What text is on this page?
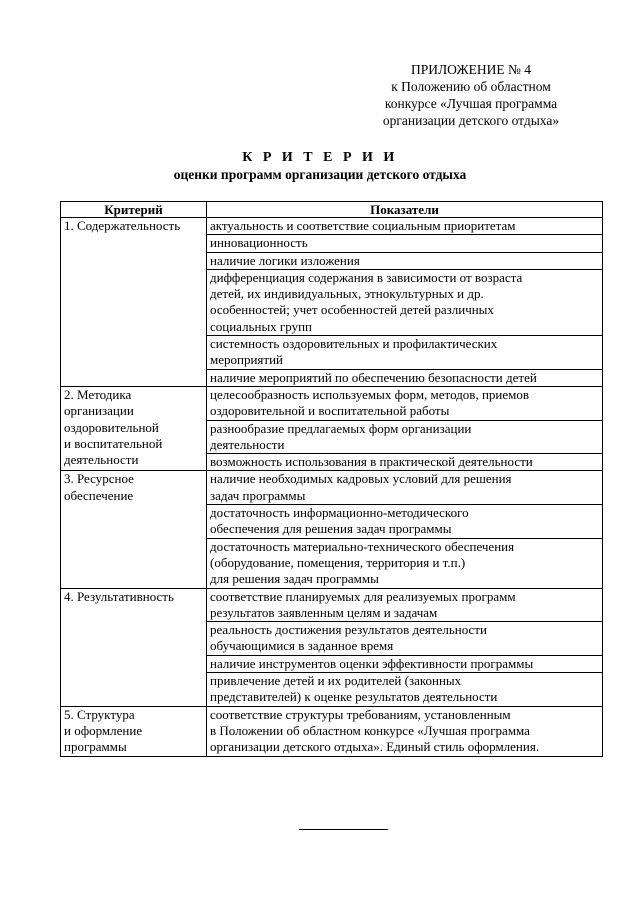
ПРИЛОЖЕНИЕ № 4
к Положению об областном
конкурсе «Лучшая программа
организации детского отдыха»
К Р И Т Е Р И И
оценки программ организации детского отдыха
Критерий	Показатели
1. Содержательность	актуальность и соответствие социальным приоритетам
	инновационность
	наличие логики изложения
	дифференциация содержания в зависимости от возраста
детей, их индивидуальных, этнокультурных и др.
особенностей; учет особенностей детей различных
социальных групп
	системность оздоровительных и профилактических
мероприятий
	наличие мероприятий по обеспечению безопасности детей
2. Методика
организации
оздоровительной
и воспитательной
деятельности	целесообразность используемых форм, методов, приемов
оздоровительной и воспитательной работы
	разнообразие предлагаемых форм организации
деятельности
	возможность использования в практической деятельности
3. Ресурсное
обеспечение	наличие необходимых кадровых условий для решения
задач программы
	достаточность информационно-методического
обеспечения для решения задач программы
	достаточность материально-технического обеспечения
(оборудование, помещения, территория и т.п.)
для решения задач программы
4. Результативность	соответствие планируемых для реализуемых программ
результатов заявленным целям и задачам
	реальность достижения результатов деятельности
обучающимися в заданное время
	наличие инструментов оценки эффективности программы
	привлечение детей и их родителей (законных
представителей) к оценке результатов деятельности
5. Структура
и оформление
программы	соответствие структуры требованиям, установленным
в Положении об областном конкурсе «Лучшая программа
организации детского отдыха». Единый стиль оформления.
